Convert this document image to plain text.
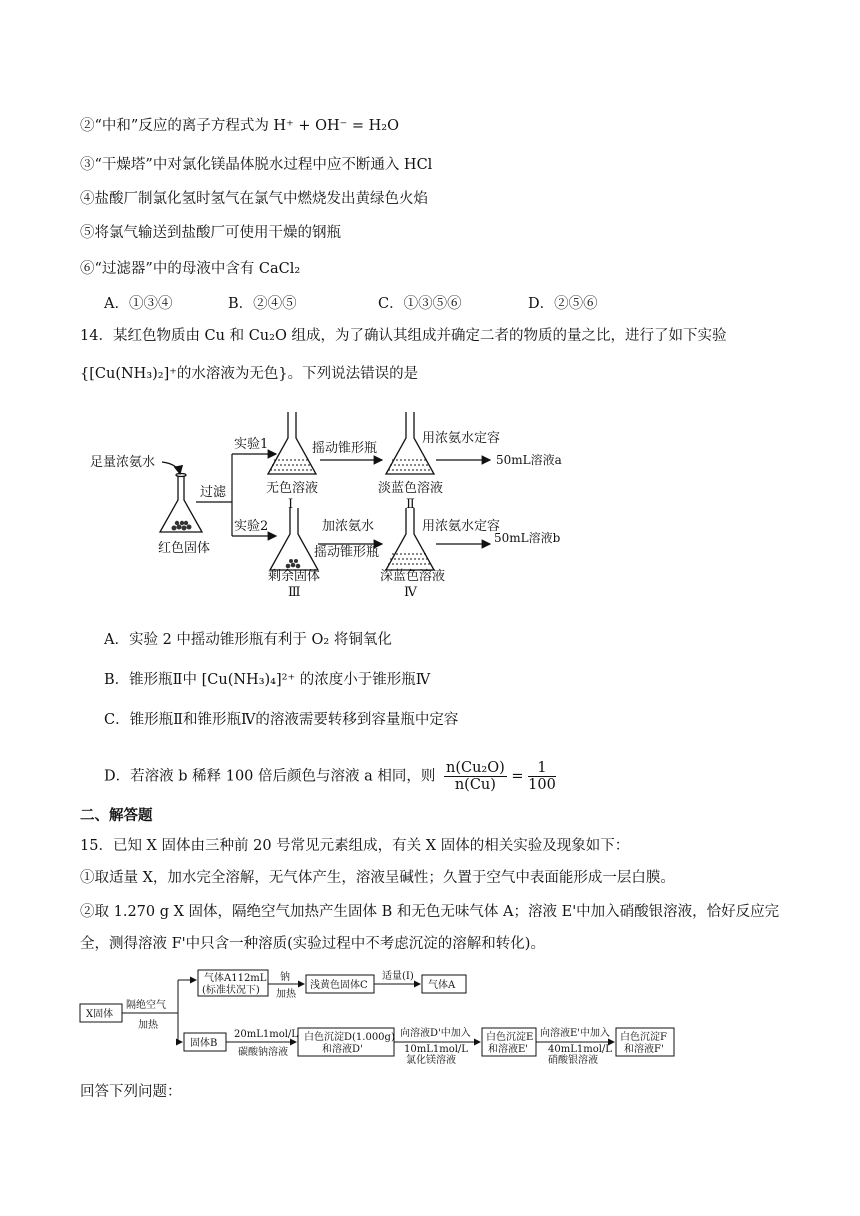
②“中和”反应的离子方程式为 H⁺ + OH⁻ = H₂O
③“干燥塔”中对氯化镁晶体脱水过程中应不断通入 HCl
④盐酸厂制氯化氢时氢气在氯气中燃烧发出黄绿色火焰
⑤将氯气输送到盐酸厂可使用干燥的钢瓶
⑥“过滤器”中的母液中含有 CaCl₂
A．①③④	B．②④⑤	C．①③⑤⑥	D．②⑤⑥
14．某红色物质由 Cu 和 Cu₂O 组成，为了确认其组成并确定二者的物质的量之比，进行了如下实验
{[Cu(NH₃)₂]⁺的水溶液为无色}。下列说法错误的是
足量浓氨水
红色固体
过滤
实验1
实验2
无色溶液
Ⅰ
摇动锥形瓶
淡蓝色溶液
Ⅱ
用浓氨水定容
50mL溶液a
剩余固体
Ⅲ
加浓氨水
摇动锥形瓶
深蓝色溶液
Ⅳ
用浓氨水定容
50mL溶液b
A．实验 2 中摇动锥形瓶有利于 O₂ 将铜氧化
B．锥形瓶Ⅱ中 [Cu(NH₃)₄]²⁺ 的浓度小于锥形瓶Ⅳ
C．锥形瓶Ⅱ和锥形瓶Ⅳ的溶液需要转移到容量瓶中定容
D．若溶液 b 稀释 100 倍后颜色与溶液 a 相同，则 $\frac{\text{n(Cu₂O)}}{n(Cu)} = \frac{1}{100}$
二、解答题
15．已知 X 固体由三种前 20 号常见元素组成，有关 X 固体的相关实验及现象如下：
①取适量 X，加水完全溶解，无气体产生，溶液呈碱性；久置于空气中表面能形成一层白膜。
②取 1.270 g X 固体，隔绝空气加热产生固体 B 和无色无味气体 A；溶液 E'中加入硝酸银溶液，恰好反应完
全，测得溶液 F'中只含一种溶质(实验过程中不考虑沉淀的溶解和转化)。
X固体
隔绝空气
加热
气体A112mL
(标准状况下)
钠
加热
浅黄色固体C
适量(I)
气体A
固体B
20mL1mol/L
碳酸钠溶液
白色沉淀D(1.000g)
和溶液D'
向溶液D'中加入
10mL1mol/L
氯化镁溶液
白色沉淀E
和溶液E'
向溶液E'中加入
40mL1mol/L
硝酸银溶液
白色沉淀F
和溶液F'
回答下列问题：
